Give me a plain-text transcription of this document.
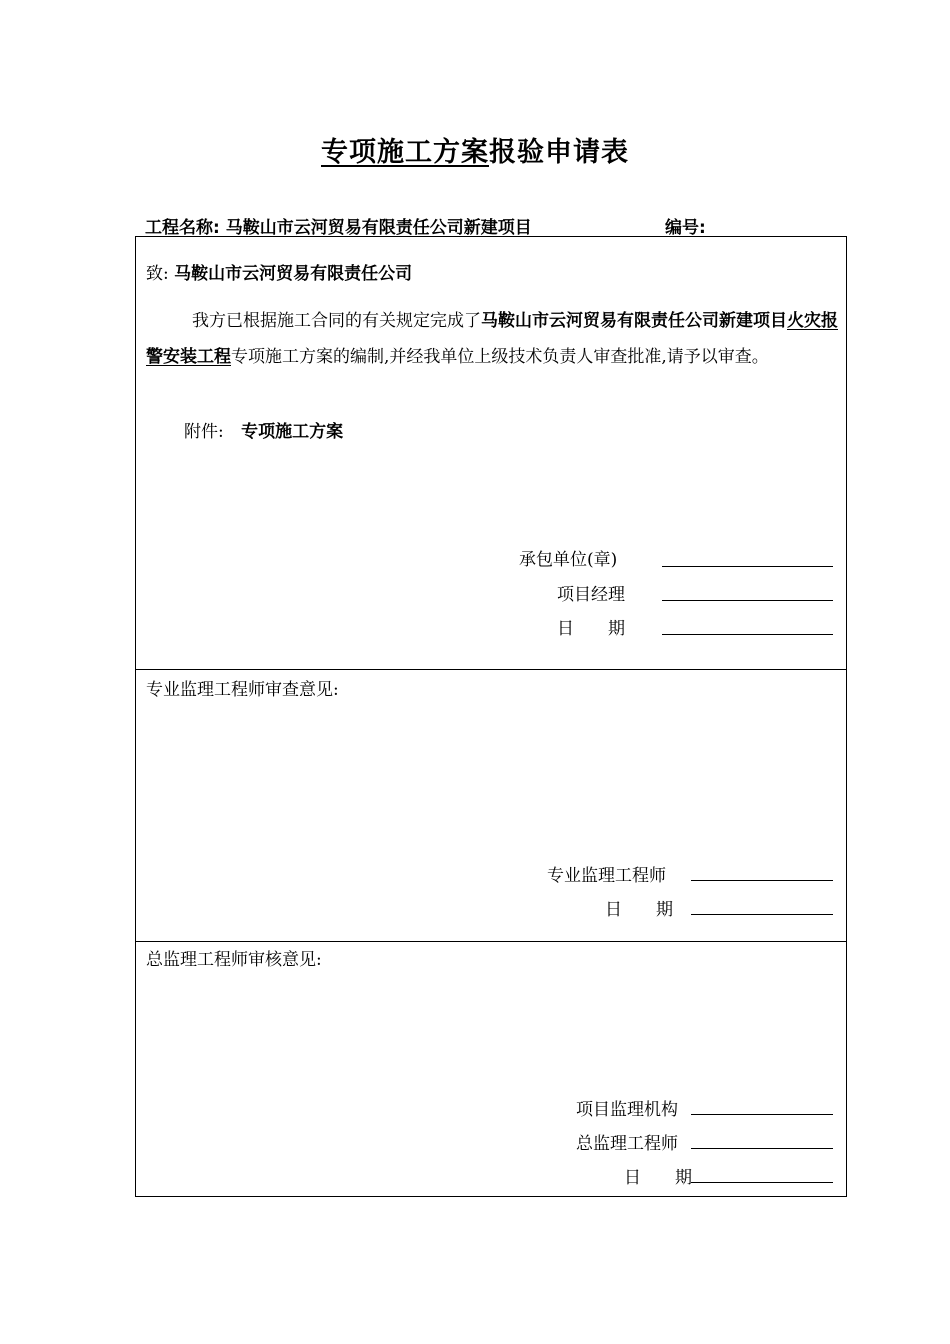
专项施工方案报验申请表
工程名称: 马鞍山市云河贸易有限责任公司新建项目	编号:
致: 马鞍山市云河贸易有限责任公司
我方已根据施工合同的有关规定完成了马鞍山市云河贸易有限责任公司新建项目火灾报警安装工程专项施工方案的编制,并经我单位上级技术负责人审查批准,请予以审查。
附件: 专项施工方案
承包单位(章)
项目经理
日　　期
专业监理工程师审查意见:
专业监理工程师
日　　期
总监理工程师审核意见:
项目监理机构
总监理工程师
日　　期
